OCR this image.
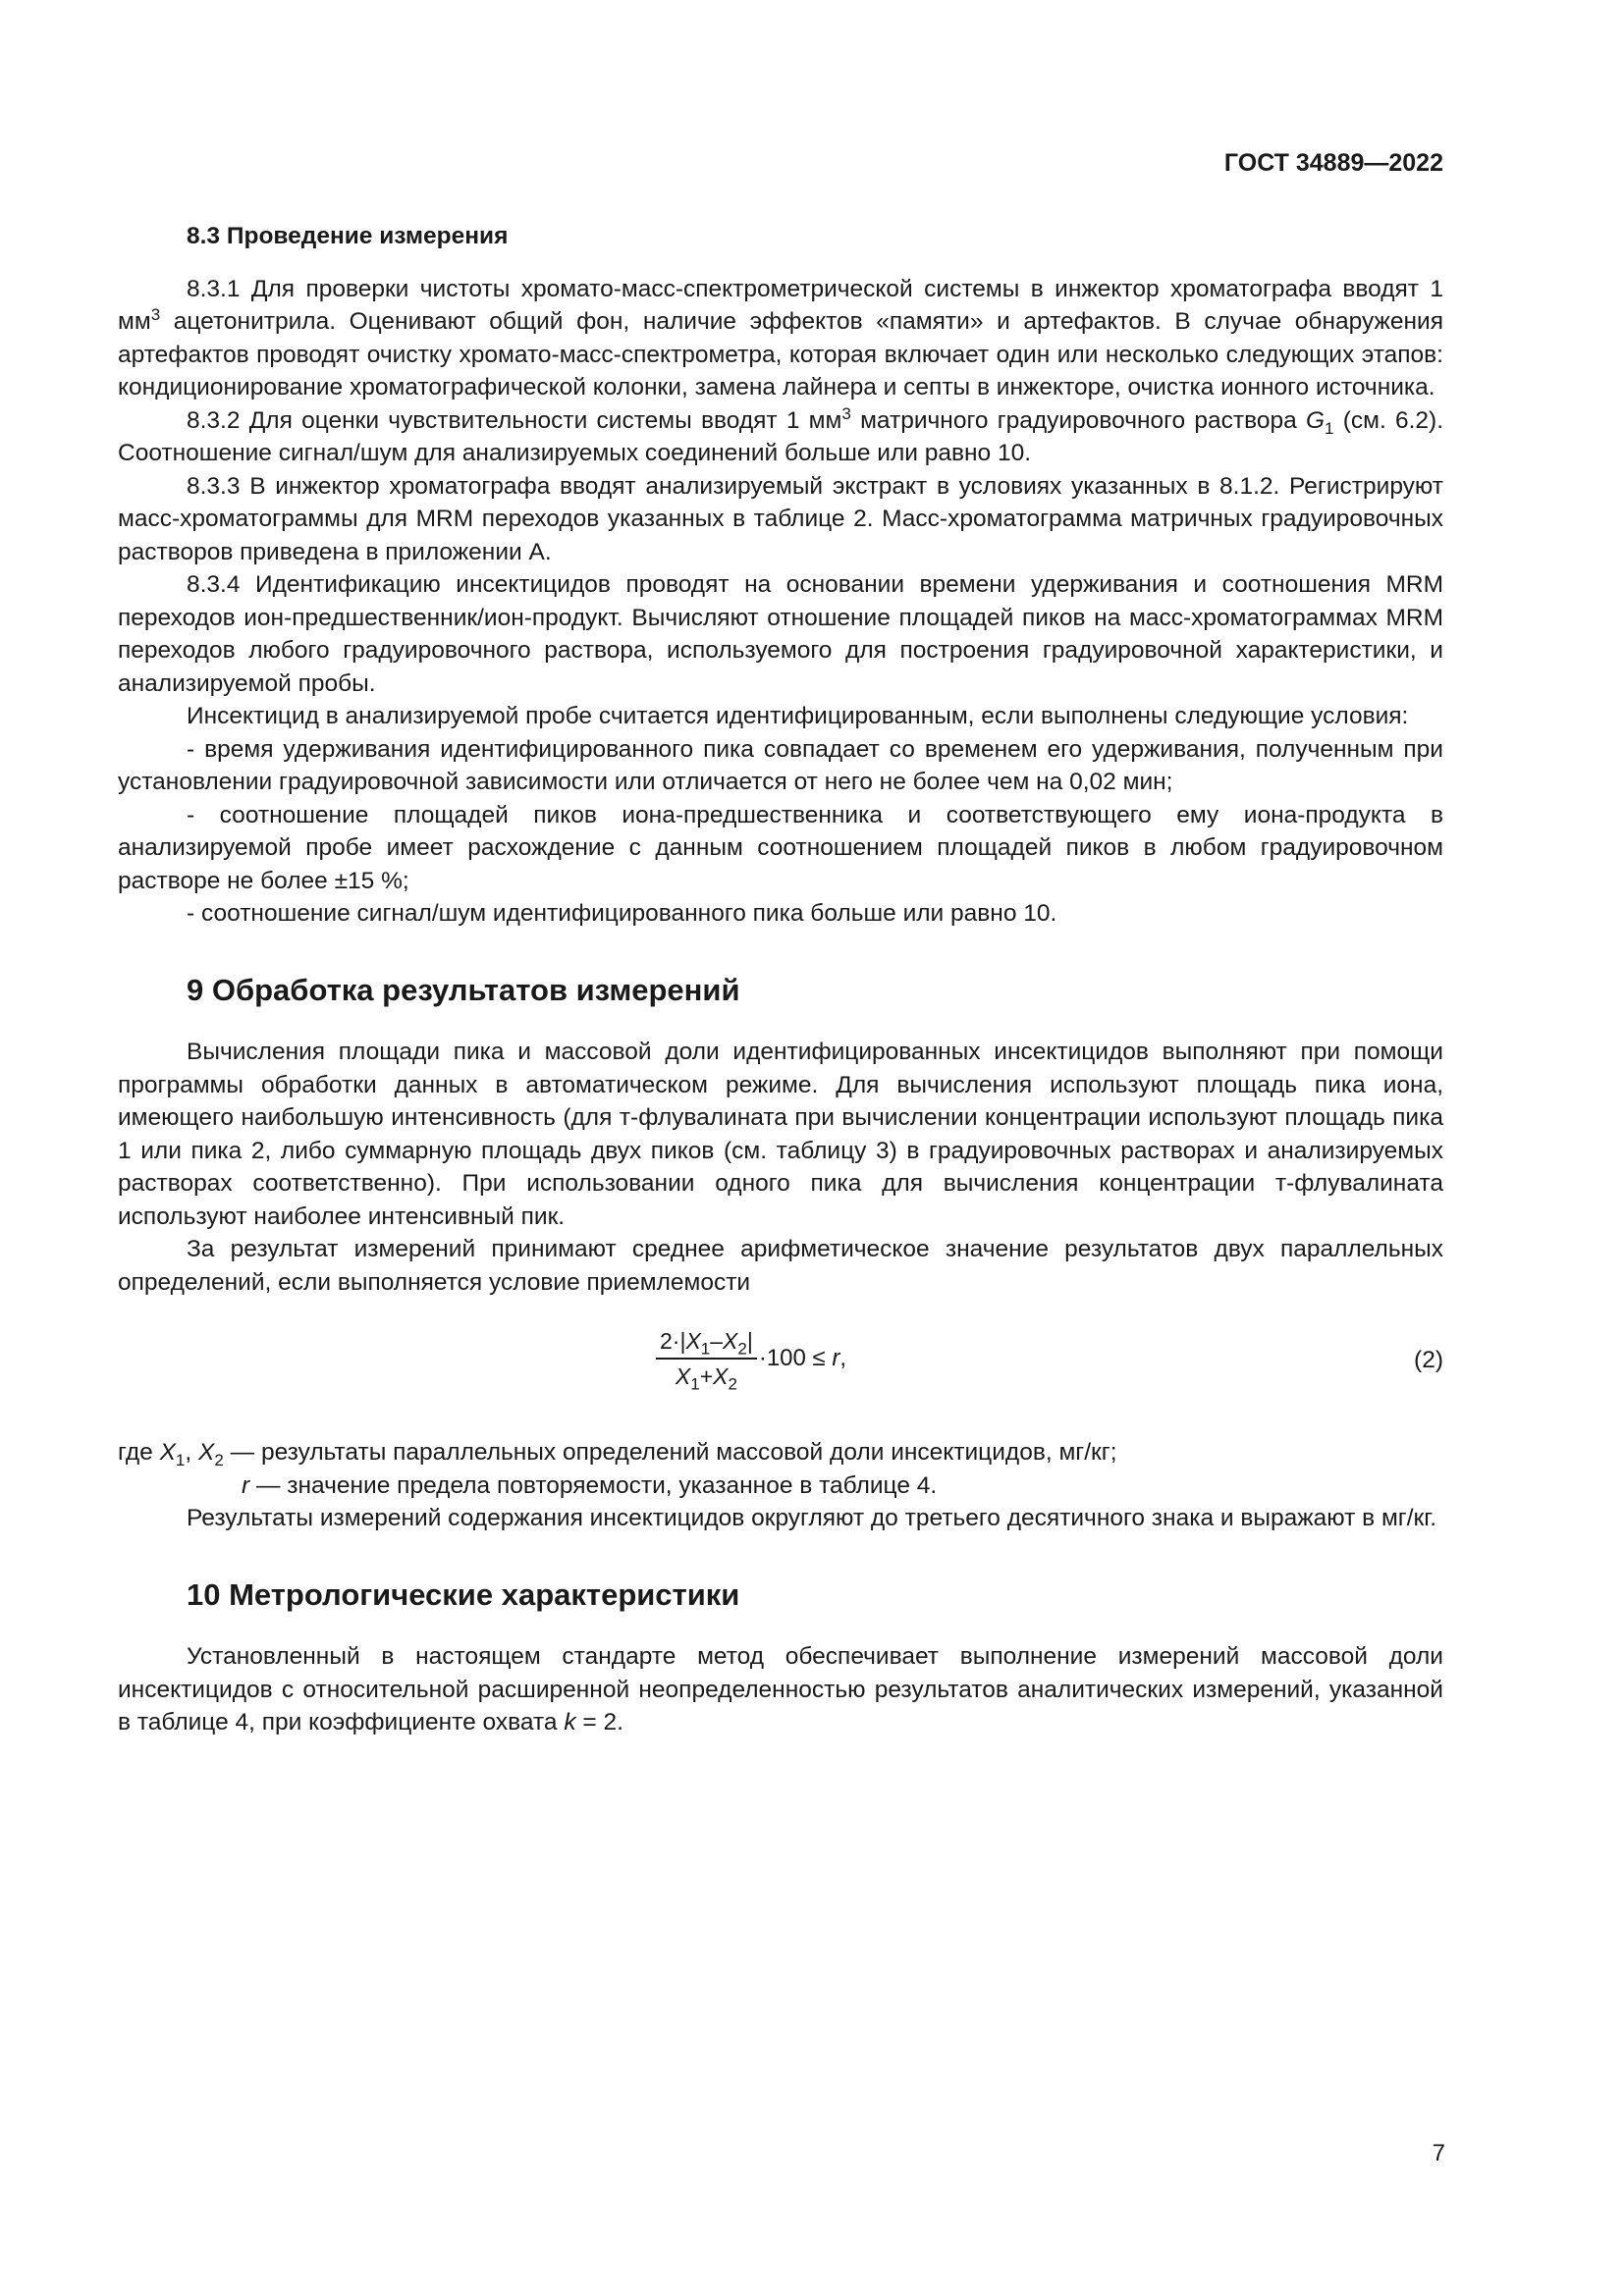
ГОСТ 34889—2022
8.3 Проведение измерения

8.3.1 Для проверки чистоты хромато-масс-спектрометрической системы в инжектор хроматографа вводят 1 $мм^3$ ацетонитрила. Оценивают общий фон, наличие эффектов «памяти» и артефактов. В случае обнаружения артефактов проводят очистку хромато-масс-спектрометра, которая включает один или несколько следующих этапов: кондиционирование хроматографической колонки, замена лайнера и септы в инжекторе, очистка ионного источника.

8.3.2 Для оценки чувствительности системы вводят 1 $мм^3$ матричного градуировочного раствора $G_1$ (см. 6.2). Соотношение сигнал/шум для анализируемых соединений больше или равно 10.

8.3.3 В инжектор хроматографа вводят анализируемый экстракт в условиях указанных в 8.1.2. Регистрируют масс-хроматограммы для MRM переходов указанных в таблице 2. Масс-хроматограмма матричных градуировочных растворов приведена в приложении А.

8.3.4 Идентификацию инсектицидов проводят на основании времени удерживания и соотношения MRM переходов ион-предшественник/ион-продукт. Вычисляют отношение площадей пиков на масс-хроматограммах MRM переходов любого градуировочного раствора, используемого для построения градуировочной характеристики, и анализируемой пробы.

Инсектицид в анализируемой пробе считается идентифицированным, если выполнены следующие условия:

- время удерживания идентифицированного пика совпадает со временем его удерживания, полученным при установлении градуировочной зависимости или отличается от него не более чем на 0,02 мин;

- соотношение площадей пиков иона-предшественника и соответствующего ему иона-продукта в анализируемой пробе имеет расхождение с данным соотношением площадей пиков в любом градуировочном растворе не более ±15 %;

- соотношение сигнал/шум идентифицированного пика больше или равно 10.

9 Обработка результатов измерений

Вычисления площади пика и массовой доли идентифицированных инсектицидов выполняют при помощи программы обработки данных в автоматическом режиме. Для вычисления используют площадь пика иона, имеющего наибольшую интенсивность (для т-флувалината при вычислении концентрации используют площадь пика 1 или пика 2, либо суммарную площадь двух пиков (см. таблицу 3) в градуировочных растворах и анализируемых растворах соответственно). При использовании одного пика для вычисления концентрации т-флувалината используют наиболее интенсивный пик.

За результат измерений принимают среднее арифметическое значение результатов двух параллельных определений, если выполняется условие приемлемости

$\frac{2\cdot|X_1-X_2|}{X_1+X_2} \cdot 100 \le r$,	(2)

где $X_1$, $X_2$ — результаты параллельных определений массовой доли инсектицидов, мг/кг;

r — значение предела повторяемости, указанное в таблице 4.

Результаты измерений содержания инсектицидов округляют до третьего десятичного знака и выражают в мг/кг.

10 Метрологические характеристики

Установленный в настоящем стандарте метод обеспечивает выполнение измерений массовой доли инсектицидов с относительной расширенной неопределенностью результатов аналитических измерений, указанной в таблице 4, при коэффициенте охвата k = 2.

7
